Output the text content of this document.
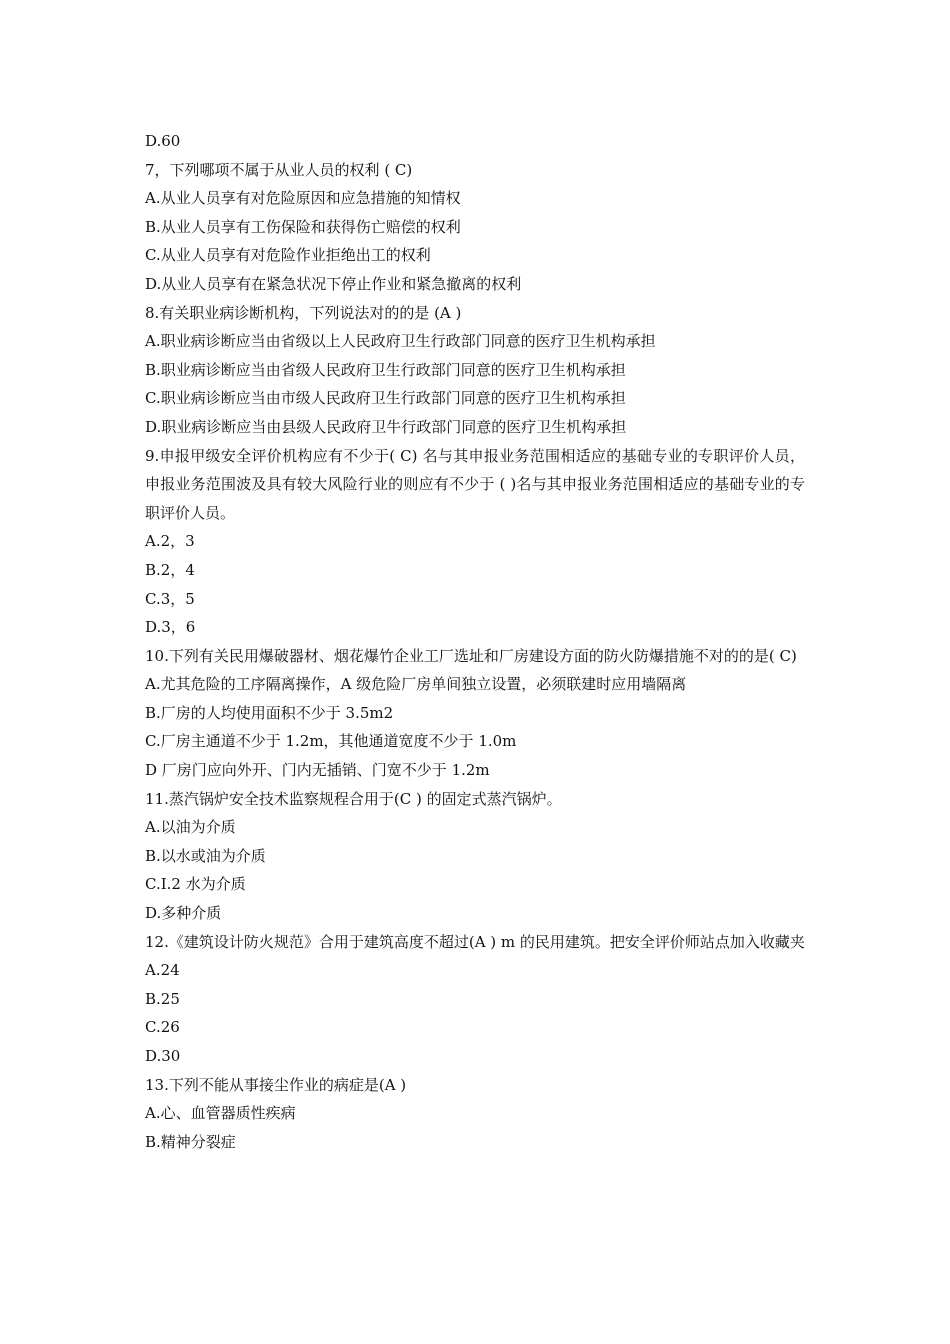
D.60
7，下列哪项不属于从业人员的权利 ( C)
A.从业人员享有对危险原因和应急措施的知情权
B.从业人员享有工伤保险和获得伤亡赔偿的权利
C.从业人员享有对危险作业拒绝出工的权利
D.从业人员享有在紧急状况下停止作业和紧急撤离的权利
8.有关职业病诊断机构，下列说法对的的是 (A )
A.职业病诊断应当由省级以上人民政府卫生行政部门同意的医疗卫生机构承担
B.职业病诊断应当由省级人民政府卫生行政部门同意的医疗卫生机构承担
C.职业病诊断应当由市级人民政府卫生行政部门同意的医疗卫生机构承担
D.职业病诊断应当由县级人民政府卫牛行政部门同意的医疗卫生机构承担
9.申报甲级安全评价机构应有不少于( C) 名与其申报业务范围相适应的基础专业的专职评价人员，申报业务范围波及具有较大风险行业的则应有不少于 ( )名与其申报业务范围相适应的基础专业的专职评价人员。
A.2，3
B.2，4
C.3，5
D.3，6
10.下列有关民用爆破器材、烟花爆竹企业工厂选址和厂房建设方面的防火防爆措施不对的的是( C)
A.尤其危险的工序隔离操作，A 级危险厂房单间独立设置，必须联建时应用墙隔离
B.厂房的人均使用面积不少于 3.5m2
C.厂房主通道不少于 1.2m，其他通道宽度不少于 1.0m
D 厂房门应向外开、门内无插销、门宽不少于 1.2m
11.蒸汽锅炉安全技术监察规程合用于(C ) 的固定式蒸汽锅炉。
A.以油为介质
B.以水或油为介质
C.I.2 水为介质
D.多种介质
12.《建筑设计防火规范》合用于建筑高度不超过(A ) m 的民用建筑。把安全评价师站点加入收藏夹
A.24
B.25
C.26
D.30
13.下列不能从事接尘作业的病症是(A )
A.心、血管器质性疾病
B.精神分裂症
